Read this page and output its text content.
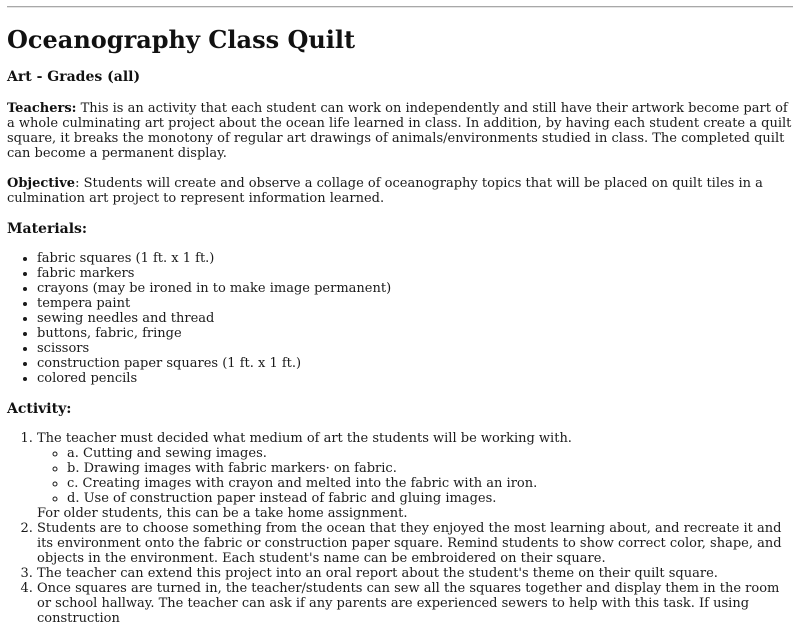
Oceanography Class Quilt
Art - Grades (all)

Teachers: This is an activity that each student can work on independently and still have their artwork become part of a whole culminating art project about the ocean life learned in class. In addition, by having each student create a quilt square, it breaks the monotony of regular art drawings of animals/environments studied in class. The completed quilt can become a permanent display.

Objective: Students will create and observe a collage of oceanography topics that will be placed on quilt tiles in a culmination art project to represent information learned.

Materials:
• fabric squares (1 ft. x 1 ft.)
• fabric markers
• crayons (may be ironed in to make image permanent)
• tempera paint
• sewing needles and thread
• buttons, fabric, fringe
• scissors
• construction paper squares (1 ft. x 1 ft.)
• colored pencils
Activity:
1. The teacher must decided what medium of art the students will be working with.
◦ a. Cutting and sewing images.
◦ b. Drawing images with fabric markers· on fabric.
◦ c. Creating images with crayon and melted into the fabric with an iron.
◦ d. Use of construction paper instead of fabric and gluing images.
For older students, this can be a take home assignment.
2. Students are to choose something from the ocean that they enjoyed the most learning about, and recreate it and its environment onto the fabric or construction paper square. Remind students to show correct color, shape, and objects in the environment. Each student's name can be embroidered on their square.
3. The teacher can extend this project into an oral report about the student's theme on their quilt square.
4. Once squares are turned in, the teacher/students can sew all the squares together and display them in the room or school hallway. The teacher can ask if any parents are experienced sewers to help with this task. If using construction
